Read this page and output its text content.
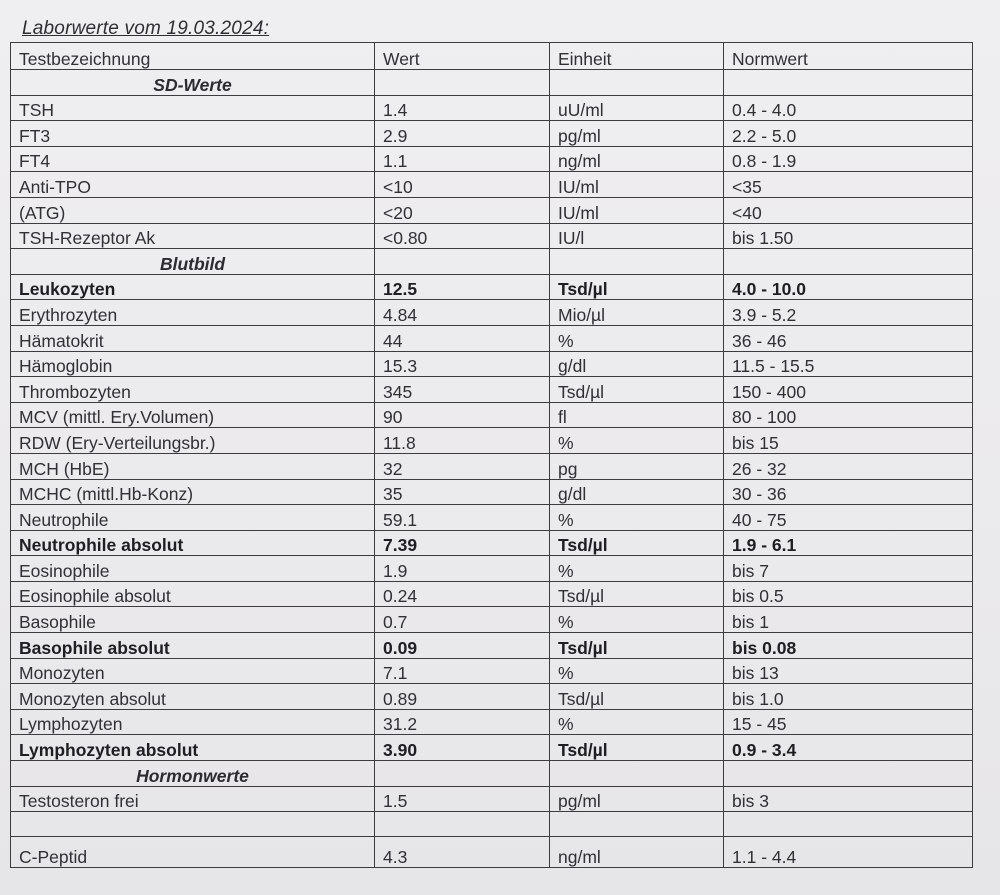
Laborwerte vom 19.03.2024:
Testbezeichnung	Wert	Einheit	Normwert
SD-Werte			
TSH	1.4	uU/ml	0.4 - 4.0
FT3	2.9	pg/ml	2.2 - 5.0
FT4	1.1	ng/ml	0.8 - 1.9
Anti-TPO	<10	IU/ml	<35
(ATG)	<20	IU/ml	<40
TSH-Rezeptor Ak	<0.80	IU/l	bis 1.50
Blutbild			
Leukozyten	12.5	Tsd/µl	4.0 - 10.0
Erythrozyten	4.84	Mio/µl	3.9 - 5.2
Hämatokrit	44	%	36 - 46
Hämoglobin	15.3	g/dl	11.5 - 15.5
Thrombozyten	345	Tsd/µl	150 - 400
MCV (mittl. Ery.Volumen)	90	fl	80 - 100
RDW (Ery-Verteilungsbr.)	11.8	%	bis 15
MCH (HbE)	32	pg	26 - 32
MCHC (mittl.Hb-Konz)	35	g/dl	30 - 36
Neutrophile	59.1	%	40 - 75
Neutrophile absolut	7.39	Tsd/µl	1.9 - 6.1
Eosinophile	1.9	%	bis 7
Eosinophile absolut	0.24	Tsd/µl	bis 0.5
Basophile	0.7	%	bis 1
Basophile absolut	0.09	Tsd/µl	bis 0.08
Monozyten	7.1	%	bis 13
Monozyten absolut	0.89	Tsd/µl	bis 1.0
Lymphozyten	31.2	%	15 - 45
Lymphozyten absolut	3.90	Tsd/µl	0.9 - 3.4
Hormonwerte			
Testosteron frei	1.5	pg/ml	bis 3

C-Peptid	4.3	ng/ml	1.1 - 4.4
